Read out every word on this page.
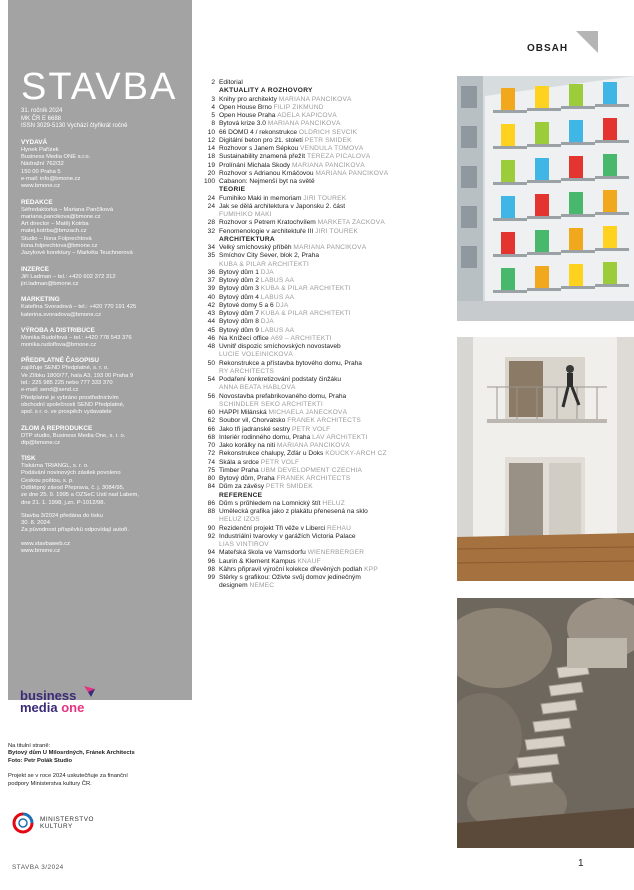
STAVBA
31. ročník 2024
MK ČR E 6688
ISSN 3029-5130 Vychází čtyřikrát ročně
VYDAVÁ
Hynek Pařízek
Business Media ONE s.r.o.
Nádražní 762/32
150 00 Praha 5
e-mail: info@bmone.cz
www.bmone.cz
REDAKCE
Šéfredaktorka – Mariana Pančíková
mariana.pancikova@bmone.cz
Art director – Matěj Kotrba
matej.kotrba@bmzach.cz
Studio – Ilona Folprechtová
ilona.folprechtova@bmone.cz
Jazykové korektury – Markéta Teuchnerová
INZERCE
Jiří Ladman – tel.: +420 602 372 312
jiri.ladman@bmone.cz
MARKETING
Kateřina Svoradová – tel.: +420 770 191 425
katerina.svoradova@bmone.cz
VÝROBA A DISTRIBUCE
Monika Rudolfová – tel.: +420 778 543 376
monika.rudolfova@bmone.cz
PŘEDPLATNÉ ČASOPISU
zajišťuje SEND Předplatné, s. r. o.
Ve Žlíbku 1800/77, hala A3, 193 00 Praha 9
tel.: 225 985 225 nebo 777 333 370
e-mail: send@send.cz
Předplatné je vybráno prostřednictvím
obchodní společnosti SEND Předplatné,
spol. s r. o. ve prospěch vydavatele
ZLOM A REPRODUKCE
DTP studio, Business Media One, s. r. o.
dtp@bmone.cz
TISK
Tiskárna TRIANGL, s. r. o.
Podávání novinových zásilek povoleno
Českou poštou, s. p.
Odštěpný závod Přeprava, č. j. 3084/95,
ze dne 25. 9. 1995 a OZSeČ Ústí nad Labem,
dne 21. 1. 1998, j.zn. P-1012/98.
Stavba 3/2024 předána do tisku
30. 8. 2024
Za původnost příspěvků odpovídají autoři.
www.stavbaweb.cz
www.bmone.cz
business
media one
Na titulní straně:
Bytový dům U Milosrdných, Fránek Architects
Foto: Petr Polák Studio
Projekt se v roce 2024 uskutečňuje za finanční
podpory Ministerstva kultury ČR.
MINISTERSTVO
KULTURY
STAVBA 3/2024	1
OBSAH
2 Editorial
AKTUALITY A ROZHOVORY
3 Knihy pro architekty MARIANA PANČÍKOVÁ
4 Open House Brno FILIP ZIKMUND
5 Open House Praha ADÉLA KAPICOVÁ
8 Bytová krize 3.0 MARIANA PANČÍKOVÁ
10 66 DOMŮ 4 / rekonstrukce OLDŘICH ŠEVČÍK
12 Digitální beton pro 21. století PETR ŠMÍDEK
14 Rozhovor s Janem Šépkou VENDULA TŮMOVÁ
18 Sustainability znamená přežít TEREZA PICALOVÁ
19 Prolínání Michala Škody MARIANA PANČÍKOVÁ
20 Rozhovor s Adrianou Krnáčovou MARIANA PANČÍKOVÁ
100 Cabanon: Nejmenší byt na světě
TEORIE
24 Fumihiko Maki in memoriam JIŘÍ TOUREK
24 Jak se dělá architektura v Japonsku 2. část
FUMIHIKO MAKI
28 Rozhovor s Petrem Kratochvílem MARKÉTA ŽÁČKOVÁ
32 Fenomenologie v architektuře III JIŘÍ TOUREK
ARCHITEKTURA
34 Velký smíchovský příběh MARIANA PANČÍKOVÁ
35 Smíchov City Sever, blok 2, Praha
KUBA & PILAŘ ARCHITEKTI
36 Bytový dům 1 DJA
37 Bytový dům 2 LÁBUS AA
39 Bytový dům 3 KUBA & PILAŘ ARCHITEKTI
40 Bytový dům 4 LÁBUS AA
42 Bytové domy 5 a 6 DJA
43 Bytový dům 7 KUBA & PILAŘ ARCHITEKTI
44 Bytový dům 8 DJA
45 Bytový dům 9 LÁBUS AA
46 Na Knížecí office A69 – ARCHITEKTI
48 Uvnitř dispozic smíchovských novostaveb
LUCIE VOLEINÍČKOVÁ
50 Rekonstrukce a přístavba bytového domu, Praha
RY ARCHITECTS
54 Podaření konkretizování podstaty činžáku
ANNA BEATA HÁBLOVÁ
56 Novostavba prefabrikovaného domu, Praha
SCHINDLER SEKO ARCHITEKTI
60 HAPPI Milánská MICHAELA JANEČKOVÁ
62 Soubor vil, Chorvatsko FRÁNEK ARCHITECTS
66 Jako tři jadranské sestry PETR VOLF
68 Interiér rodinného domu, Praha LAV ARCHITEKTI
70 Jako korálky na niti MARIANA PANČÍKOVÁ
72 Rekonstrukce chalupy, Žďár u Doks KOUCKY-ARCH CZ
74 Skála a srdce PETR VOLF
75 Timber Praha UBM DEVELOPMENT CZECHIA
80 Bytový dům, Praha FRÁNEK ARCHITECTS
84 Dům za závěsy PETR ŠMÍDEK
REFERENCE
86 Dům s průhledem na Lomnický štít HELUZ
88 Umělecká grafika jako z plakátu přenesená na sklo
HELUZ IZOS
90 Rezidenční projekt Tři věže v Liberci REHAU
92 Industriální tvarovky v garážích Victoria Palace
LIAS VINTÍŘOV
94 Mateřská škola ve Varnsdorfu WIENERBERGER
96 Laurin & Klement Kampus KNAUF
98 Kährs připravil výroční kolekce dřevěných podlah KPP
99 Stěrky s grafikou: Oživte svůj domov jedinečným
designem NÉMEC
